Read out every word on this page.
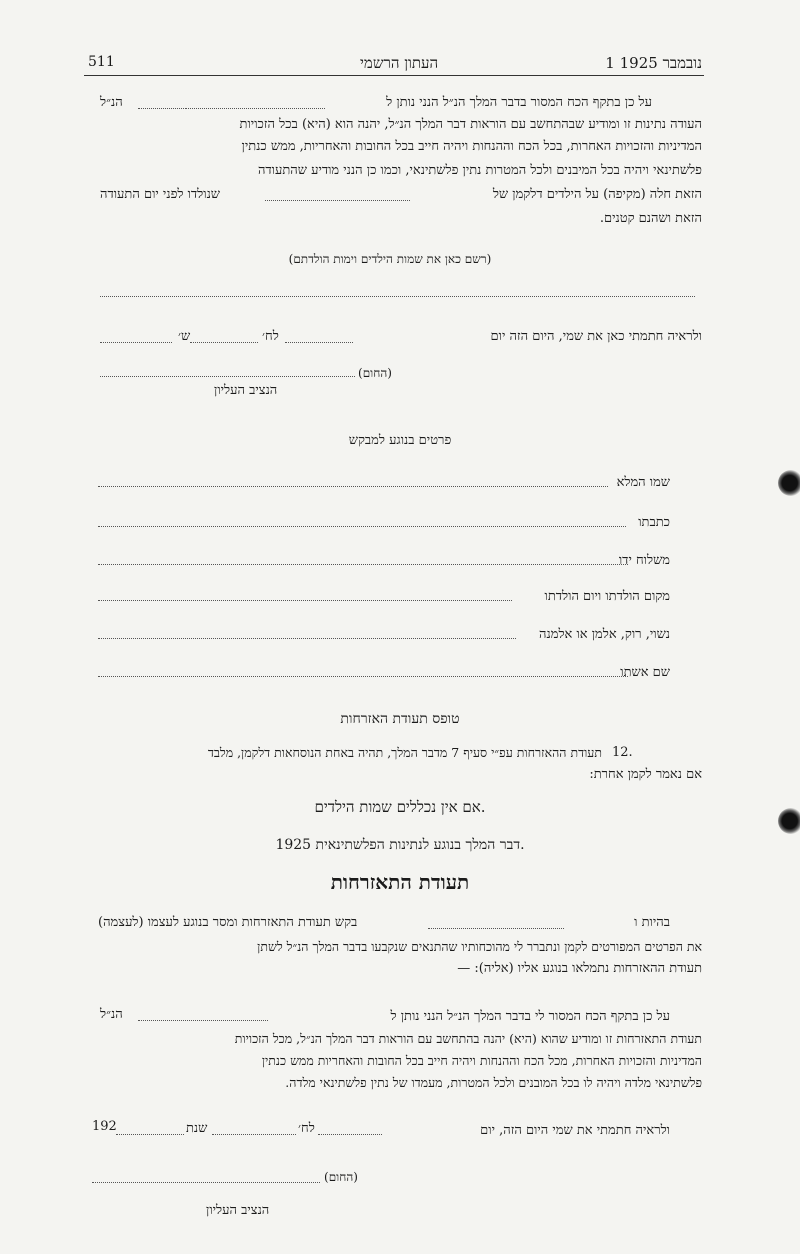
1 נובמבר 1925
העתון הרשמי
511
על כן בתקף הכח המסור בדבר המלך הנ״ל הנני נותן ל
הנ״ל
העודה נתינות זו ומודיע שבהתחשב עם הוראות דבר המלך הנ״ל, יהנה הוא (היא) בכל הזכויות
המדיניות והזכויות האחרות, בכל הכח וההנחות ויהיה חייב בכל החובות והאחריות, ממש כנתין
פלשתינאי ויהיה בכל המיבנים ולכל המטרות נתין פלשתינאי, וכמו כן הנני מודיע שהתעודה
הזאת חלה (מקיפה) על הילדים דלקמן של
שנולדו לפני יום התעודה
הזאת ושהנם קטנים.
(רשם כאן את שמות הילדים וימות הולדתם)
ולראיה חתמתי כאן את שמי, היום הזה יום
לח׳
ש׳
(החום)
הנציב העליון
פרטים בנוגע למבקש
שמו המלא
כתבתו
משלוח ידו
מקום הולדתו ויום הולדתו
נשוי, רוק, אלמן או אלמנה
שם אשתו
טופס תעודת האזרחות
12.
תעודת ההאזרחות עפ״י סעיף 7 מדבר המלך, תהיה באחת הנוסחאות דלקמן, מלבד
אם נאמר לקמן אחרת:
אם אין נכללים שמות הילדים.
דבר המלך בנוגע לנתינות הפלשתינאית 1925.
תעודת התאזרחות
בהיות ו
בקש תעודת התאזרחות ומסר בנוגע לעצמו (לעצמה)
את הפרטים המפורטים לקמן ונתברר לי מהוכחותיו שהתנאים שנקבעו בדבר המלך הנ״ל לשתן
תעודת ההאזרחות נתמלאו בנוגע אליו (אליה): —
על כן בתקף הכח המסור לי בדבר המלך הנ״ל הנני נותן ל
הנ״ל
תעודת התאזרחות זו ומודיע שהוא (היא) יהנה בהתחשב עם הוראות דבר המלך הנ״ל, מכל הזכויות
המדיניות והזכויות האחרות, מכל הכח וההנחות ויהיה חייב בכל החובות והאחריות ממש כנתין
פלשתינאי מלדה ויהיה לו בכל המובנים ולכל המטרות, מעמדו של נתין פלשתינאי מלדה.
ולראיה חתמתי את שמי היום הזה, יום
לח׳
שנת
192
(החום)
הנציב העליון
